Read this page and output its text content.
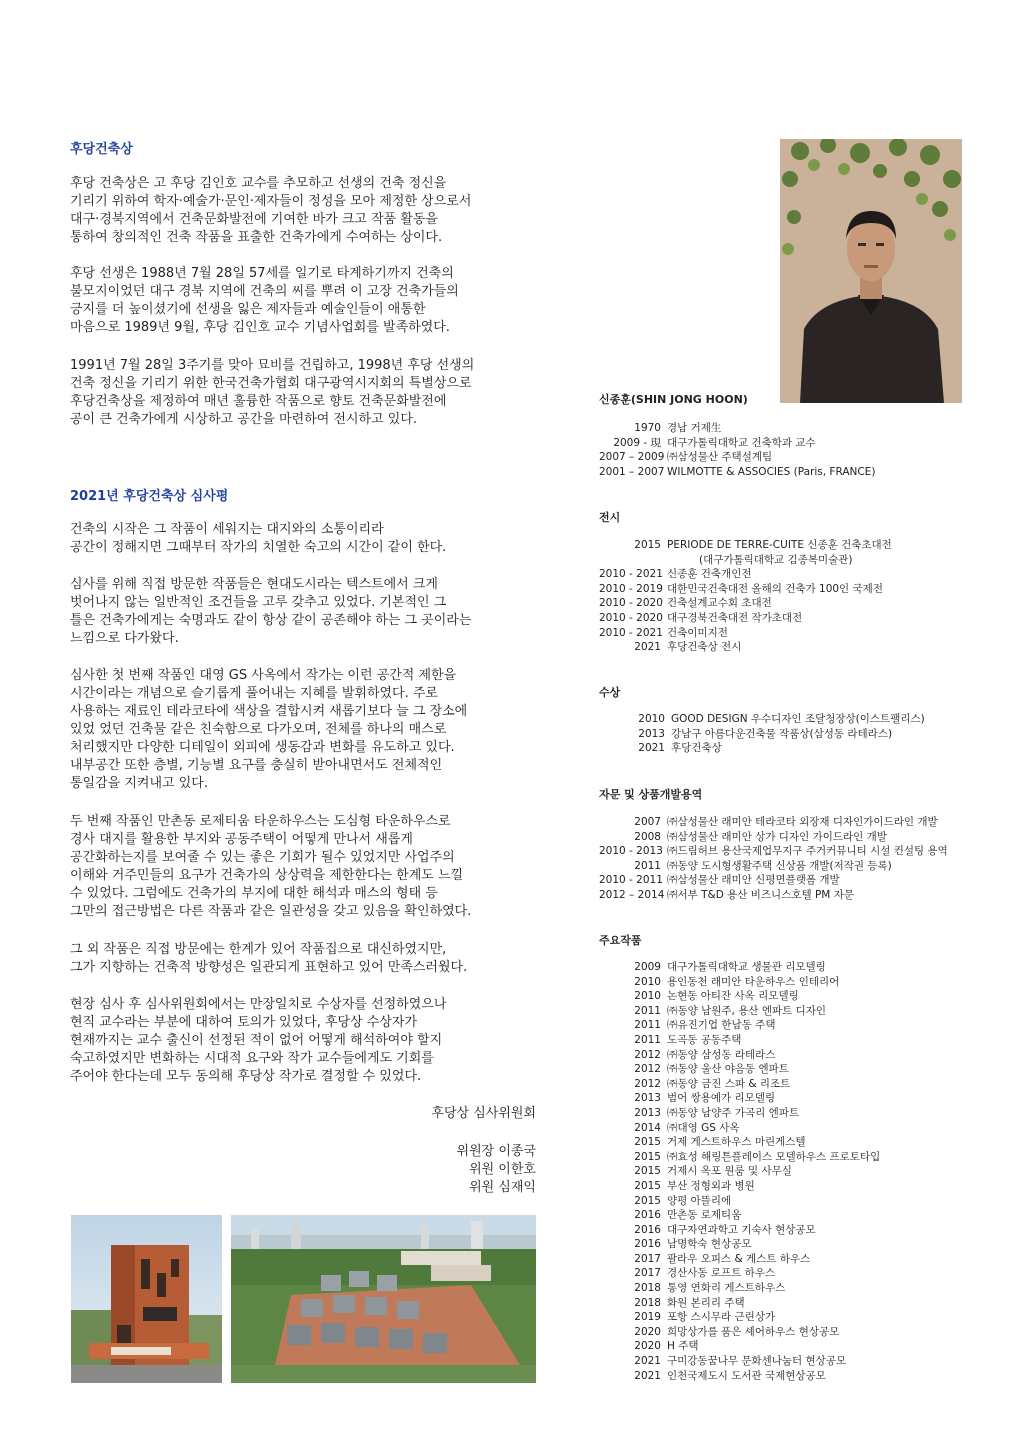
후당건축상
후당 건축상은 고 후당 김인호 교수를 추모하고 선생의 건축 정신을
기리기 위하여 학자·예술가·문인·제자들이 정성을 모아 제정한 상으로서
대구·경북지역에서 건축문화발전에 기여한 바가 크고 작품 활동을
통하여 창의적인 건축 작품을 표출한 건축가에게 수여하는 상이다.
후당 선생은 1988년 7월 28일 57세를 일기로 타계하기까지 건축의
불모지이었던 대구 경북 지역에 건축의 씨를 뿌려 이 고장 건축가들의
긍지를 더 높이셨기에 선생을 잃은 제자들과 예술인들이 애통한
마음으로 1989년 9월, 후당 김인호 교수 기념사업회를 발족하였다.
1991년 7월 28일 3주기를 맞아 묘비를 건립하고, 1998년 후당 선생의
건축 정신을 기리기 위한 한국건축가협회 대구광역시지회의 특별상으로
후당건축상을 제정하여 매년 훌륭한 작품으로 향토 건축문화발전에
공이 큰 건축가에게 시상하고 공간을 마련하여 전시하고 있다.
2021년 후당건축상 심사평
건축의 시작은 그 작품이 세워지는 대지와의 소통이리라
공간이 정해지면 그때부터 작가의 치열한 숙고의 시간이 같이 한다.
심사를 위해 직접 방문한 작품들은 현대도시라는 텍스트에서 크게
벗어나지 않는 일반적인 조건들을 고루 갖추고 있었다. 기본적인 그
틀은 건축가에게는 숙명과도 같이 항상 같이 공존해야 하는 그 곳이라는
느낌으로 다가왔다.
심사한 첫 번째 작품인 대영 GS 사옥에서 작가는 이런 공간적 제한을
시간이라는 개념으로 슬기롭게 풀어내는 지혜를 발휘하였다. 주로
사용하는 재료인 테라코타에 색상을 결합시켜 새롭기보다 늘 그 장소에
있었 었던 건축물 같은 친숙함으로 다가오며, 전체를 하나의 매스로
처리했지만 다양한 디테일이 외피에 생동감과 변화를 유도하고 있다.
내부공간 또한 층별, 기능별 요구를 충실히 받아내면서도 전체적인
통일감을 지켜내고 있다.
두 번째 작품인 만촌동 로제티움 타운하우스는 도심형 타운하우스로
경사 대지를 활용한 부지와 공동주택이 어떻게 만나서 새롭게
공간화하는지를 보여줄 수 있는 좋은 기회가 될수 있었지만 사업주의
이해와 거주민들의 요구가 건축가의 상상력을 제한한다는 한계도 느낄
수 있었다. 그럼에도 건축가의 부지에 대한 해석과 매스의 형태 등
그만의 접근방법은 다른 작품과 같은 일관성을 갖고 있음을 확인하였다.
그 외 작품은 직접 방문에는 한계가 있어 작품집으로 대신하였지만,
그가 지향하는 건축적 방향성은 일관되게 표현하고 있어 만족스러웠다.
현장 심사 후 심사위원회에서는 만장일치로 수상자를 선정하였으나
현직 교수라는 부분에 대하여 토의가 있었다, 후당상 수상자가
현재까지는 교수 출신이 선정된 적이 없어 어떻게 해석하여야 할지
숙고하였지만 변화하는 시대적 요구와 작가 교수들에게도 기회를
주어야 한다는데 모두 동의해 후당상 작가로 결정할 수 있었다.
후당상 심사위원회
위원장 이종국
위원 이한호
위원 심재익
신종훈(SHIN JONG HOON)
1970 경남 거제生
2009 - 現 대구가톨릭대학교 건축학과 교수
2007 – 2009 ㈜삼성물산 주택설계팀
2001 – 2007 WILMOTTE & ASSOCIES (Paris, FRANCE)
전시
2015 PERIODE DE TERRE-CUITE 신종훈 건축초대전
(대구가톨릭대학교 김종복미술관)
2010 - 2021 신종훈 건축개인전
2010 - 2019 대한민국건축대전 올해의 건축가 100인 국제전
2010 - 2020 건축설계교수회 초대전
2010 - 2020 대구경북건축대전 작가초대전
2010 - 2021 건축이미지전
2021 후당건축상 전시
수상
2010 GOOD DESIGN 우수디자인 조달청장상(이스트팰리스)
2013 강남구 아름다운건축물 작품상(삼성동 라테라스)
2021 후당건축상
자문 및 상품개발용역
2007 ㈜삼성물산 래미안 테라코타 외장재 디자인가이드라인 개발
2008 ㈜삼성물산 래미안 상가 디자인 가이드라인 개발
2010 - 2013 ㈜드림허브 용산국제업무지구 주거커뮤니티 시설 컨설팅 용역
2011 ㈜동양 도시형생활주택 신상품 개발(저작권 등록)
2010 - 2011 ㈜삼성물산 래미안 신평면플랫폼 개발
2012 – 2014 ㈜서부 T&D 용산 비즈니스호텔 PM 자문
주요작품
2009 대구가톨릭대학교 생물관 리모델링
2010 용인동천 래미안 타운하우스 인테리어
2010 논현동 아티잔 사옥 리모델링
2011 ㈜동양 남원주, 용산 엔파트 디자인
2011 ㈜유진기업 한남동 주택
2011 도곡동 공동주택
2012 ㈜동양 삼성동 라테라스
2012 ㈜동양 울산 야음동 엔파트
2012 ㈜동양 금진 스파 & 리조트
2013 범어 쌍용예가 리모델링
2013 ㈜동양 남양주 가곡리 엔파트
2014 ㈜대영 GS 사옥
2015 거제 게스트하우스 마린게스텔
2015 ㈜효성 해링튼플레이스 모델하우스 프로토타입
2015 거제시 옥포 원룸 및 사무실
2015 부산 정형외과 병원
2015 양평 아뜰리에
2016 만촌동 로제티움
2016 대구자연과학고 기숙사 현상공모
2016 남명학숙 현상공모
2017 팔라우 오피스 & 게스트 하우스
2017 경산사동 로프트 하우스
2018 통영 연화리 게스트하우스
2018 화원 본리리 주택
2019 포항 스시무라 근린상가
2020 희망상가를 품은 셰어하우스 현상공모
2020 H 주택
2021 구미강동꿈나무 문화센나눔터 현상공모
2021 인천국제도시 도서관 국제현상공모
